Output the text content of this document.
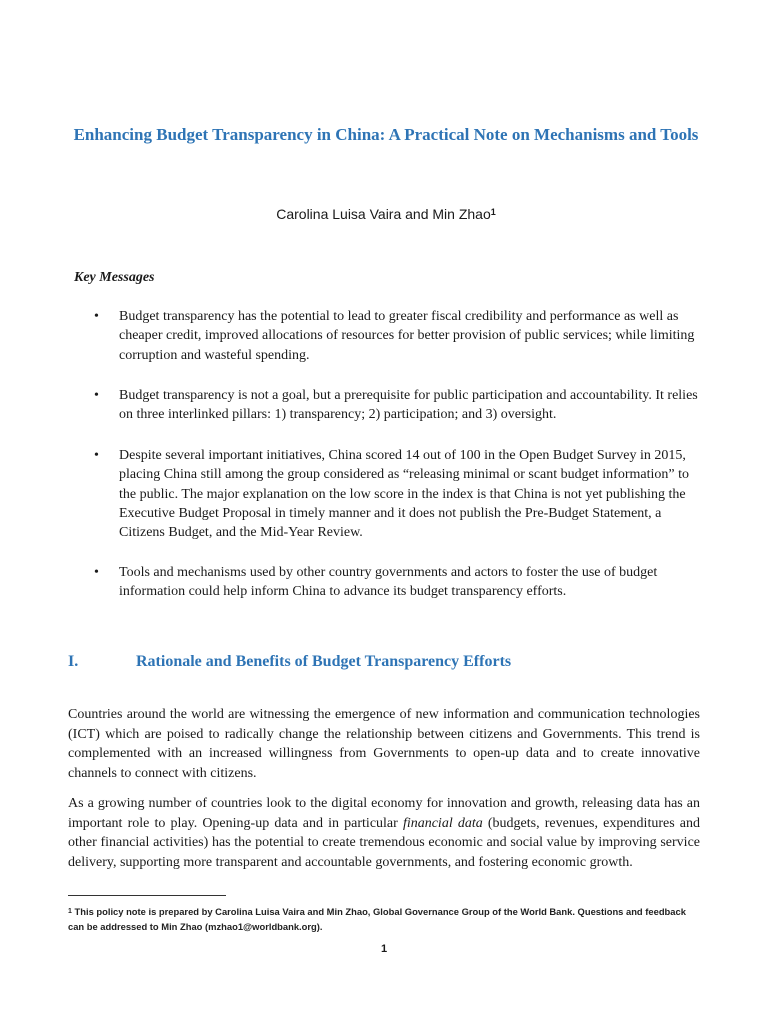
Enhancing Budget Transparency in China: A Practical Note on Mechanisms and Tools
Carolina Luisa Vaira and Min Zhao$^1$
Key Messages
•	Budget transparency has the potential to lead to greater fiscal credibility and performance as well as cheaper credit, improved allocations of resources for better provision of public services; while limiting corruption and wasteful spending.
•	Budget transparency is not a goal, but a prerequisite for public participation and accountability. It relies on three interlinked pillars: 1) transparency; 2) participation; and 3) oversight.
•	Despite several important initiatives, China scored 14 out of 100 in the Open Budget Survey in 2015, placing China still among the group considered as “releasing minimal or scant budget information” to the public. The major explanation on the low score in the index is that China is not yet publishing the Executive Budget Proposal in timely manner and it does not publish the Pre-Budget Statement, a Citizens Budget, and the Mid-Year Review.
•	Tools and mechanisms used by other country governments and actors to foster the use of budget information could help inform China to advance its budget transparency efforts.
I.	Rationale and Benefits of Budget Transparency Efforts
Countries around the world are witnessing the emergence of new information and communication technologies (ICT) which are poised to radically change the relationship between citizens and Governments. This trend is complemented with an increased willingness from Governments to open-up data and to create innovative channels to connect with citizens.
As a growing number of countries look to the digital economy for innovation and growth, releasing data has an important role to play. Opening-up data and in particular financial data (budgets, revenues, expenditures and other financial activities) has the potential to create tremendous economic and social value by improving service delivery, supporting more transparent and accountable governments, and fostering economic growth.
$^1$ This policy note is prepared by Carolina Luisa Vaira and Min Zhao, Global Governance Group of the World Bank. Questions and feedback can be addressed to Min Zhao (mzhao1@worldbank.org).
1
